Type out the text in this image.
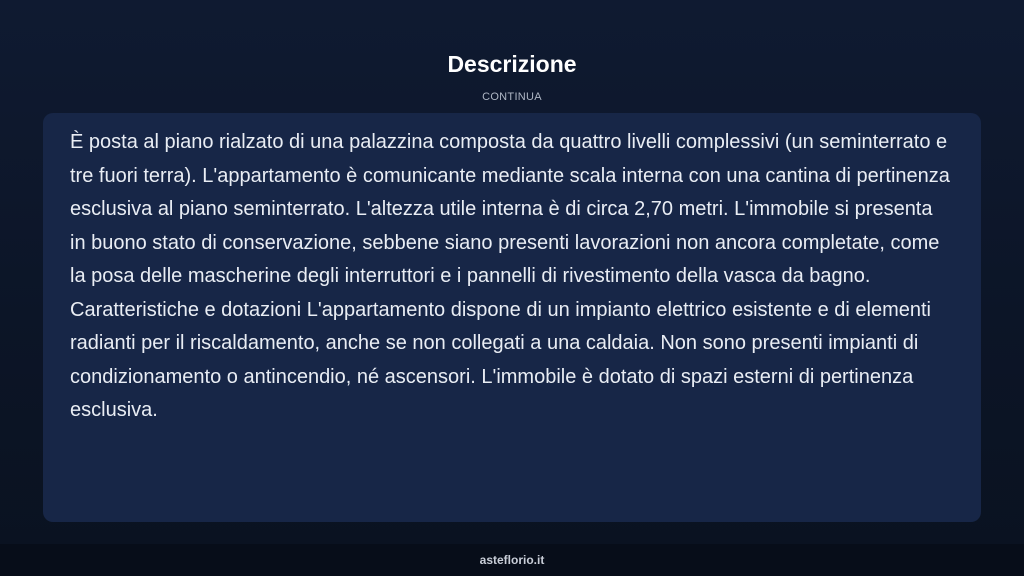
Descrizione
CONTINUA

È posta al piano rialzato di una palazzina composta da quattro livelli complessivi (un seminterrato e tre fuori terra). L'appartamento è comunicante mediante scala interna con una cantina di pertinenza esclusiva al piano seminterrato. L'altezza utile interna è di circa 2,70 metri. L'immobile si presenta in buono stato di conservazione, sebbene siano presenti lavorazioni non ancora completate, come la posa delle mascherine degli interruttori e i pannelli di rivestimento della vasca da bagno. Caratteristiche e dotazioni L'appartamento dispone di un impianto elettrico esistente e di elementi radianti per il riscaldamento, anche se non collegati a una caldaia. Non sono presenti impianti di condizionamento o antincendio, né ascensori. L'immobile è dotato di spazi esterni di pertinenza esclusiva.

asteflorio.it
